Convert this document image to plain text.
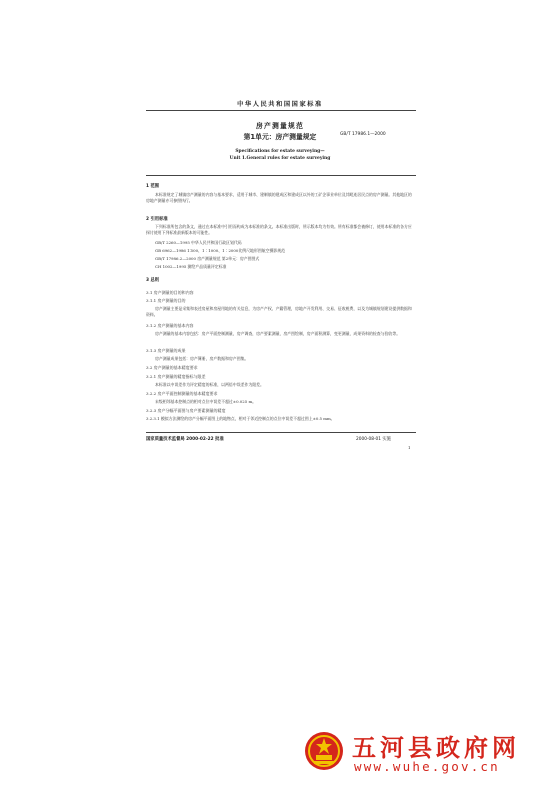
中华人民共和国国家标准
房产测量规范
第1单元：房产测量规定	GB/T 17986.1—2000
Specifications for estate surveying—
Unit 1.General rules for estate surveying
1 范围
本标准规定了城镇房产测量的内容与基本要求，适用于城市、建制镇的建成区和建成区以外的工矿企事业单位及其毗连居民点的房产测量。其他地区的房地产测量亦可参照执行。
2 引用标准
下列标准所包含的条文，通过在本标准中引用而构成为本标准的条文。本标准出版时，所示版本均为有效。所有标准都会被修订，使用本标准的各方应探讨使用下列标准最新版本的可能性。
GB/T 2260—1995 中华人民共和国行政区划代码
GB 6962—1986 1∶500、1∶1000、1∶2000比例尺地形图航空摄影规范
GB/T 17986.2—2000 房产测量规范 第2单元：房产图图式
CH 1002—1995 测绘产品质量评定标准
3 总则
3.1 房产测量的目的和内容
3.1.1 房产测量的目的
房产测量主要是采集和表述房屋和房屋用地的有关信息，为房产产权、产籍管理，房地产开发利用、交易、征收税费，以及为城镇规划建设提供数据和资料。
3.1.2 房产测量的基本内容
房产测量的基本内容包括：房产平面控制测量，房产调查，房产要素测量，房产图绘制，房产面积测算，变更测量，成果资料的检查与验收等。
3.1.3 房产测量的成果
房产测量成果包括：房产簿册，房产数据和房产图集。
3.2 房产测量的基本精度要求
3.2.1 房产测量的精度指标与限差
本标准以中误差作为评定精度的标准，以两倍中误差作为限差。
3.2.2 房产平面控制测量的基本精度要求
末级相邻基本控制点的相对点位中误差不超过±0.025 m。
3.2.3 房产分幅平面图与房产要素测量的精度
3.2.3.1 模拟方法测绘的房产分幅平面图上的地物点，相对于邻近控制点的点位中误差不超过图上±0.5 mm。
国家质量技术监督局 2000-02-22 批准	2000-08-01 实施
1
五河县政府网
www.wuhe.gov.cn
